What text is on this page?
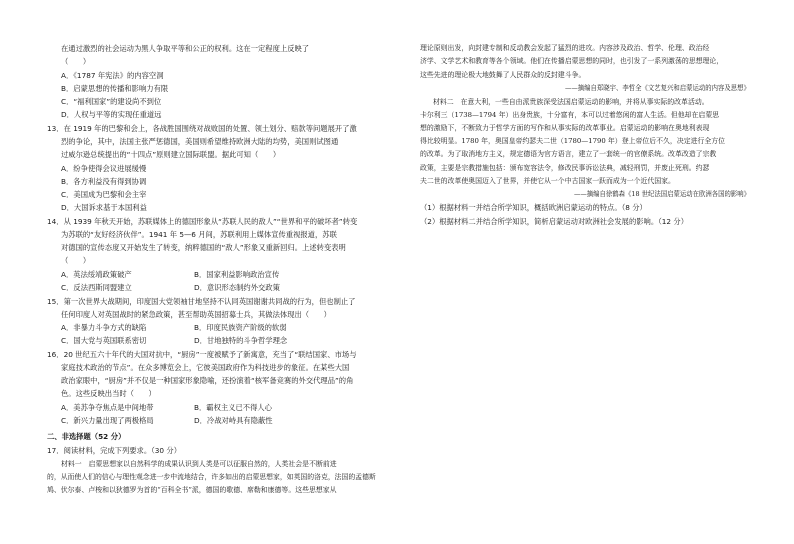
在通过激烈的社会运动为黑人争取平等和公正的权利。这在一定程度上反映了
（　　）
A．《1787 年宪法》的内容空洞
B．启蒙思想的传播和影响力有限
C．“福利国家”的建设尚不到位
D．人权与平等的实现任重道远
13．在 1919 年的巴黎和会上，各战胜国围绕对战败国的处置、领土划分、赔款等问题展开了激
烈的争论，其中，法国主张严惩德国，美国则希望维持欧洲大陆的均势，美国则试图通
过威尔逊总统提出的“十四点”原则建立国际联盟。据此可知（　　）
A．纷争使得会议进展缓慢
B．各方利益没有得到协调
C．美国成为巴黎和会主宰
D．大国诉求基于本国利益
14．从 1939 年秋天开始，苏联媒体上的德国形象从“苏联人民的敌人”“世界和平的破坏者”转变
为苏联的“友好经济伙伴”。1941 年 5—6 月间，苏联利用上媒体宣传重视报道，苏联
对德国的宣传态度又开始发生了转变，纳粹德国的“敌人”形象又重新回归。上述转变表明
（　　）
A．英法绥靖政策破产	B．国家利益影响政治宣传
C．反法西斯同盟建立	D．意识形态制约外交政策
15．第一次世界大战期间，印度国大党领袖甘地坚持不认同英国谢谢共同战的行为，但也制止了
任何印度人对英国战时的紧急政策，甚至帮助英国招募士兵，其做法体现出（　　）
A．非暴力斗争方式的缺陷	B．印度民族资产阶级的软弱
C．国大党与英国联系密切	D．甘地独特的斗争哲学理念
16．20 世纪五六十年代的大国对抗中，“厨房”一度被赋予了新寓意，充当了“联结国家、市场与
家庭技术政治的节点”。在众多博览会上，它彼美国政府作为科技进步的象征。在某些大国
政治家眼中，“厨房”并不仅是一种国家形象隐喻，还扮演着“核军备竞赛的外交代理品”的角
色。这些反映出当时（　　）
A．美苏争夺焦点是中间地带	B．霸权主义已不得人心
C．新兴力量出现了两极格局	D．冷战对峙具有隐蔽性
二、非选择题（52 分）
17．阅读材料，完成下列要求。（30 分）
材料一　启蒙思想家以自然科学的成果认识到人类是可以征服自然的，人类社会是不断前进
的，从而使人们的信心与理性观念进一步中流地结合，许多如出的启蒙思想家，如英国的洛克，法国的孟德斯
鸠、伏尔泰、卢梭和以狄德罗为首的“百科全书”派，德国的歌德、席勒和康德等。这些思想家从
理论原则出发，向封建专制和反动教会发起了猛烈的进攻。内容涉及政治、哲学、伦理、政治经
济学、文学艺术和教育等各个领域。他们在传播启蒙思想的同时，也引发了一系列激荡的思想理论，
这些先进的理论极大地鼓舞了人民群众的反封建斗争。
——摘编自郑晓宇、李哲全《文艺复兴和启蒙运动的内容及思想》
材料二　在意大利，一些自由派贵族深受法国启蒙运动的影响，并将从事实际的改革活动。
卡尔利三（1738—1794 年）出身贵族，十分富有，本可以过着悠闲的富人生活。但他却在启蒙思
想的激励下，不断致力于哲学方面的写作和从事实际的改革事业。启蒙运动的影响在奥地利表现
得比较明显。1780 年，奥国皇帝约瑟夫二世（1780—1790 年）登上帝位后不久，决定进行全方位
的改革。为了取消地方主义，规定德语为官方语言，建立了一套统一的官僚系统。改革改造了宗教
政策，主要是宗教措施包括：颁布宽容法令，修改民事诉讼法典，减轻刑罚，并废止死刑。约瑟
夫二世的改革使奥国迈入了世界，并使它从一个中古国家一跃而成为一个近代国家。
——摘编自徐鹤森《18 世纪法国启蒙运动在欧洲各国的影响》
（1）根据材料一并结合所学知识，概括欧洲启蒙运动的特点。（8 分）
（2）根据材料二并结合所学知识，简析启蒙运动对欧洲社会发展的影响。（12 分）
